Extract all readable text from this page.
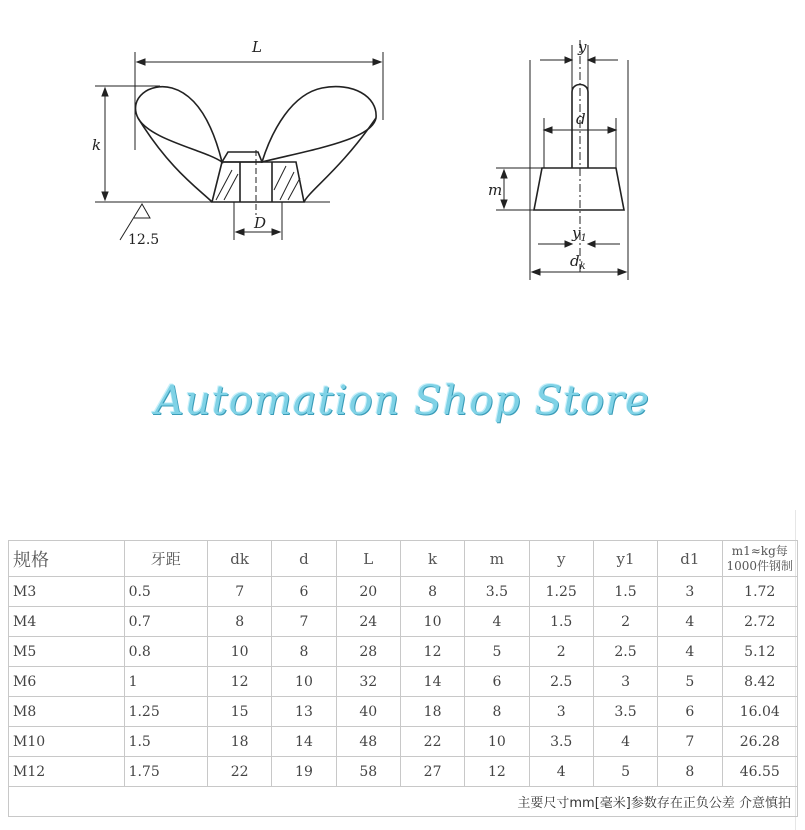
L
k
D
12.5
y
d
m
$y_1$
$d_k$
Automation Shop Store
规格	牙距	dk	d	L	k	m	y	y1	d1	m1≈kg每
1000件钢制
M3	0.5	7	6	20	8	3.5	1.25	1.5	3	1.72
M4	0.7	8	7	24	10	4	1.5	2	4	2.72
M5	0.8	10	8	28	12	5	2	2.5	4	5.12
M6	1	12	10	32	14	6	2.5	3	5	8.42
M8	1.25	15	13	40	18	8	3	3.5	6	16.04
M10	1.5	18	14	48	22	10	3.5	4	7	26.28
M12	1.75	22	19	58	27	12	4	5	8	46.55
主要尺寸mm[毫米]参数存在正负公差 介意慎拍										
